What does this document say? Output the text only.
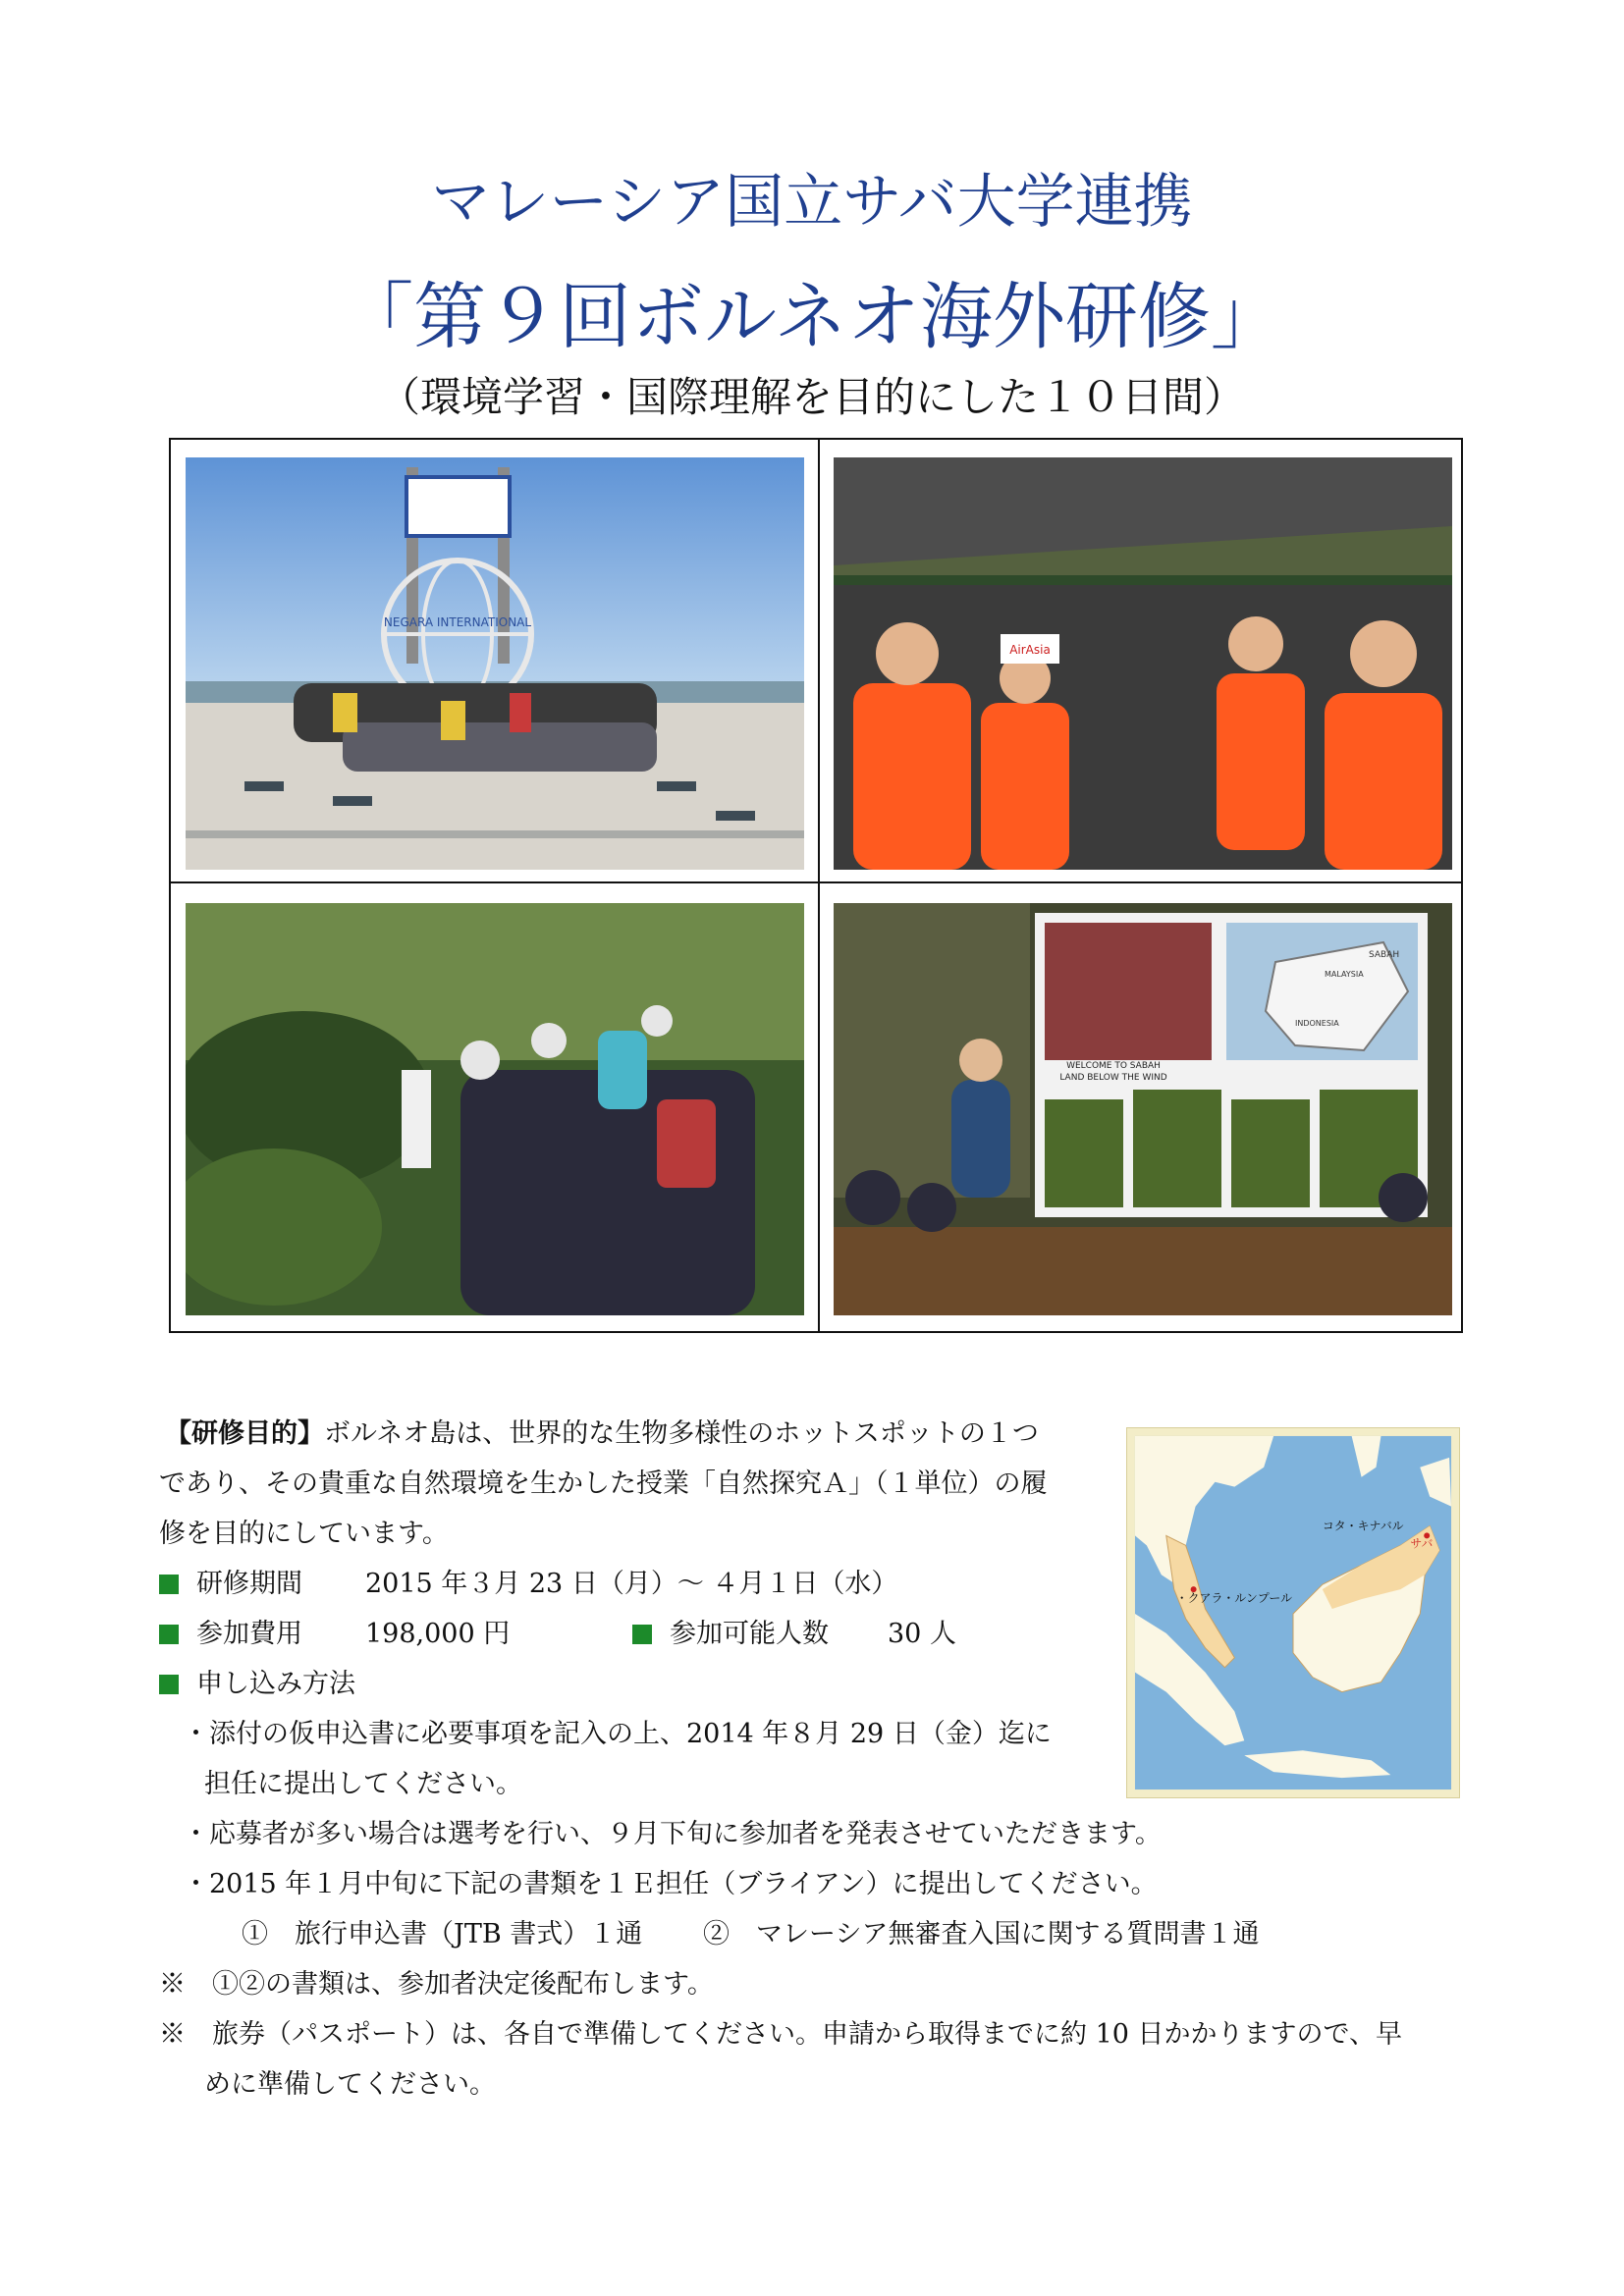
マレーシア国立サバ大学連携
「第９回ボルネオ海外研修」
（環境学習・国際理解を目的にした１０日間）
NEGARA INTERNATIONAL
AirAsia
SABAH
MALAYSIA
INDONESIA
WELCOME TO SABAH
LAND BELOW THE WIND
【研修目的】ボルネオ島は、世界的な生物多様性のホットスポットの１つ
であり、その貴重な自然環境を生かした授業「自然探究Ａ」（１単位）の履
修を目的にしています。
研修期間 2015 年３月 23 日（月）～ ４月１日（水）
参加費用 198,000 円	参加可能人数 30 人
申し込み方法
・添付の仮申込書に必要事項を記入の上、2014 年８月 29 日（金）迄に
担任に提出してください。
・応募者が多い場合は選考を行い、９月下旬に参加者を発表させていただきます。
・2015 年１月中旬に下記の書類を１Ｅ担任（ブライアン）に提出してください。
①　旅行申込書（JTB 書式）１通 ②　マレーシア無審査入国に関する質問書１通
※　①②の書類は、参加者決定後配布します。
※　旅券（パスポート）は、各自で準備してください。申請から取得までに約 10 日かかりますので、早
めに準備してください。
コタ・キナバル
サバ
・クアラ・ルンプール
